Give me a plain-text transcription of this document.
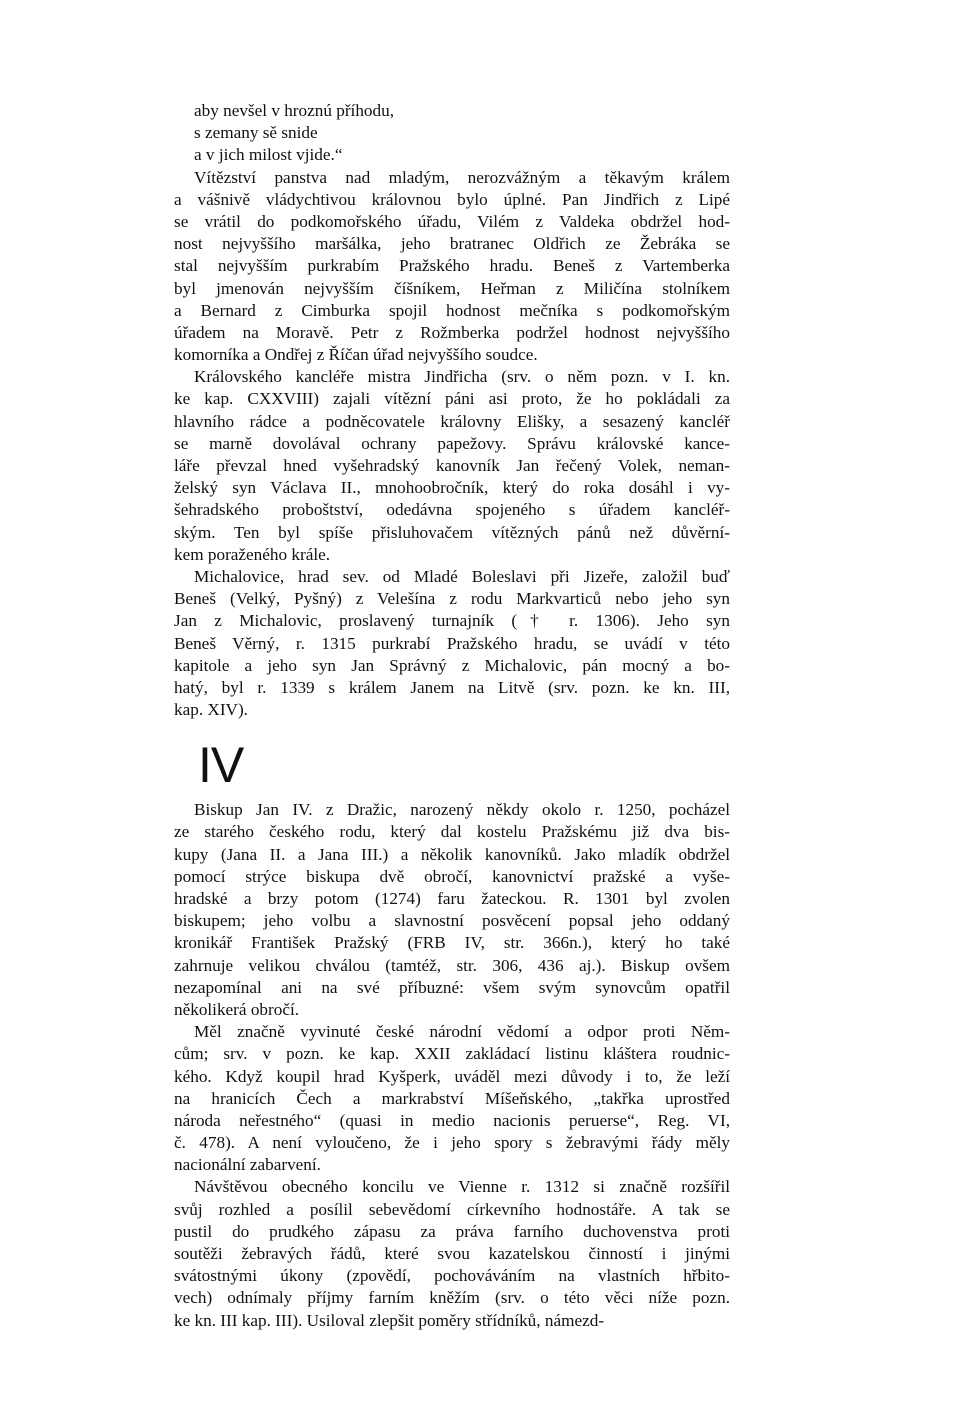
aby nevšel v hroznú příhodu,
s zemany sě snide
a v jich milost vjide.“
Vítězství panstva nad mladým, nerozvážným a těkavým králem
a vášnivě vládychtivou královnou bylo úplné. Pan Jindřich z Lipé
se vrátil do podkomořského úřadu, Vilém z Valdeka obdržel hod-
nost nejvyššího maršálka, jeho bratranec Oldřich ze Žebráka se
stal nejvyšším purkrabím Pražského hradu. Beneš z Vartemberka
byl jmenován nejvyšším číšníkem, Heřman z Miličína stolníkem
a Bernard z Cimburka spojil hodnost mečníka s podkomořským
úřadem na Moravě. Petr z Rožmberka podržel hodnost nejvyššího
komorníka a Ondřej z Říčan úřad nejvyššího soudce.
Královského kancléře mistra Jindřicha (srv. o něm pozn. v I. kn.
ke kap. CXXVIII) zajali vítězní páni asi proto, že ho pokládali za
hlavního rádce a podněcovatele královny Elišky, a sesazený kancléř
se marně dovolával ochrany papežovy. Správu královské kance-
láře převzal hned vyšehradský kanovník Jan řečený Volek, neman-
želský syn Václava II., mnohoobročník, který do roka dosáhl i vy-
šehradského proboštství, odedávna spojeného s úřadem kancléř-
ským. Ten byl spíše přisluhovačem vítězných pánů než důvěrní-
kem poraženého krále.
Michalovice, hrad sev. od Mladé Boleslavi při Jizeře, založil buď
Beneš (Velký, Pyšný) z Velešína z rodu Markvarticů nebo jeho syn
Jan z Michalovic, proslavený turnajník († r. 1306). Jeho syn
Beneš Věrný, r. 1315 purkrabí Pražského hradu, se uvádí v této
kapitole a jeho syn Jan Správný z Michalovic, pán mocný a bo-
hatý, byl r. 1339 s králem Janem na Litvě (srv. pozn. ke kn. III,
kap. XIV).
IV
Biskup Jan IV. z Dražic, narozený někdy okolo r. 1250, pocházel
ze starého českého rodu, který dal kostelu Pražskému již dva bis-
kupy (Jana II. a Jana III.) a několik kanovníků. Jako mladík obdržel
pomocí strýce biskupa dvě obročí, kanovnictví pražské a vyše-
hradské a brzy potom (1274) faru žateckou. R. 1301 byl zvolen
biskupem; jeho volbu a slavnostní posvěcení popsal jeho oddaný
kronikář František Pražský (FRB IV, str. 366n.), který ho také
zahrnuje velikou chválou (tamtéž, str. 306, 436 aj.). Biskup ovšem
nezapomínal ani na své příbuzné: všem svým synovcům opatřil
několikerá obročí.
Měl značně vyvinuté české národní vědomí a odpor proti Něm-
cům; srv. v pozn. ke kap. XXII zakládací listinu kláštera roudnic-
kého. Když koupil hrad Kyšperk, uváděl mezi důvody i to, že leží
na hranicích Čech a markrabství Míšeňského, „takřka uprostřed
národa neřestného“ (quasi in medio nacionis peruerse“, Reg. VI,
č. 478). A není vyloučeno, že i jeho spory s žebravými řády měly
nacionální zabarvení.
Návštěvou obecného koncilu ve Vienne r. 1312 si značně rozšířil
svůj rozhled a posílil sebevědomí církevního hodnostáře. A tak se
pustil do prudkého zápasu za práva farního duchovenstva proti
soutěži žebravých řádů, které svou kazatelskou činností i jinými
svátostnými úkony (zpovědí, pochováváním na vlastních hřbito-
vech) odnímaly příjmy farním kněžím (srv. o této věci níže pozn.
ke kn. III kap. III). Usiloval zlepšit poměry střídníků, námezd-
